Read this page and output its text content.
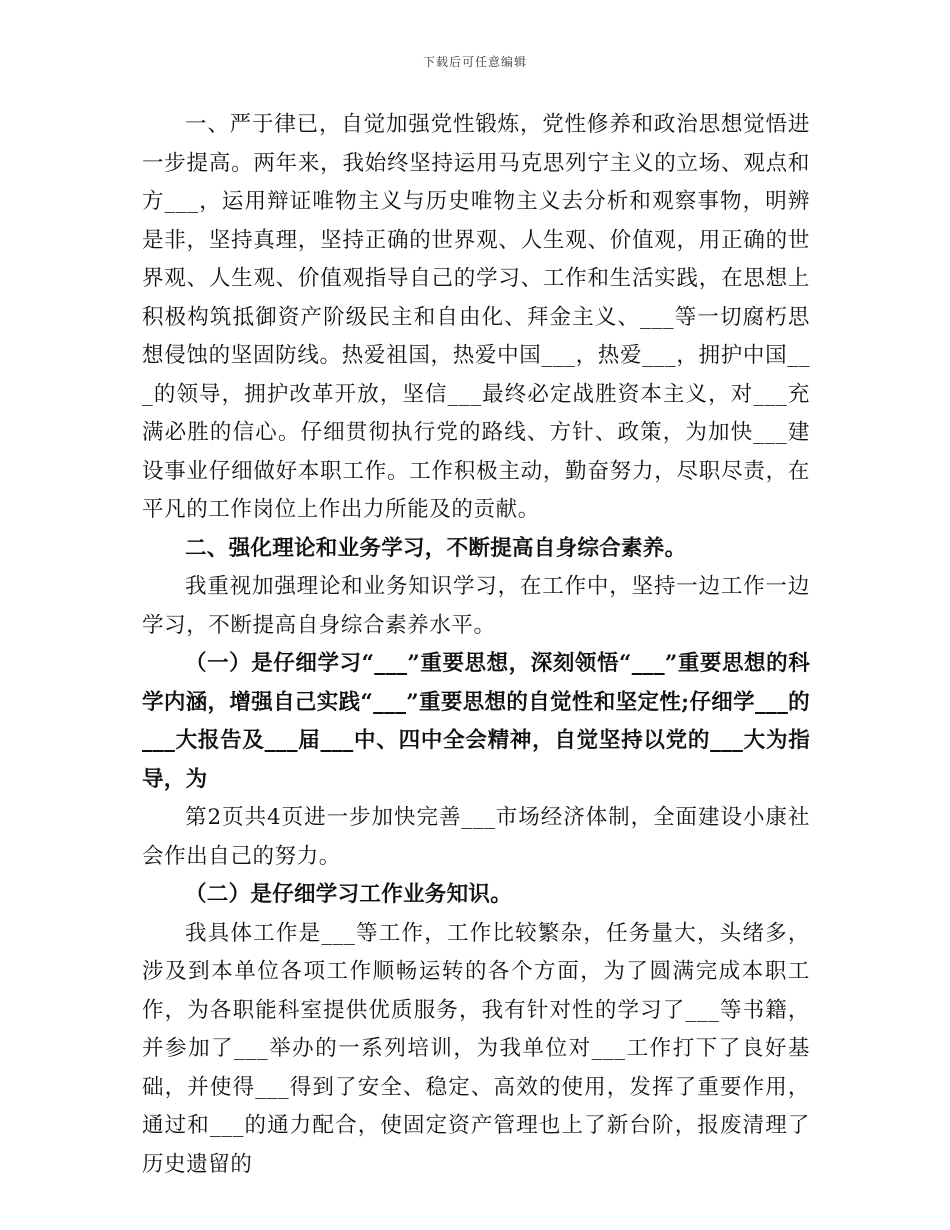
下载后可任意编辑

一、严于律已，自觉加强党性锻炼，党性修养和政治思想觉悟进一步提高。两年来，我始终坚持运用马克思列宁主义的立场、观点和方___，运用辩证唯物主义与历史唯物主义去分析和观察事物，明辨是非，坚持真理，坚持正确的世界观、人生观、价值观，用正确的世界观、人生观、价值观指导自己的学习、工作和生活实践，在思想上积极构筑抵御资产阶级民主和自由化、拜金主义、___等一切腐朽思想侵蚀的坚固防线。热爱祖国，热爱中国___，热爱___，拥护中国___的领导，拥护改革开放，坚信___最终必定战胜资本主义，对___充满必胜的信心。仔细贯彻执行党的路线、方针、政策，为加快___建设事业仔细做好本职工作。工作积极主动，勤奋努力，尽职尽责，在平凡的工作岗位上作出力所能及的贡献。

二、强化理论和业务学习，不断提高自身综合素养。

我重视加强理论和业务知识学习，在工作中，坚持一边工作一边学习，不断提高自身综合素养水平。

（一）是仔细学习“___”重要思想，深刻领悟“___”重要思想的科学内涵，增强自己实践“___”重要思想的自觉性和坚定性;仔细学___的___大报告及___届___中、四中全会精神，自觉坚持以党的___大为指导，为

第2页共4页进一步加快完善___市场经济体制，全面建设小康社会作出自己的努力。

（二）是仔细学习工作业务知识。

我具体工作是___等工作，工作比较繁杂，任务量大，头绪多，涉及到本单位各项工作顺畅运转的各个方面，为了圆满完成本职工作，为各职能科室提供优质服务，我有针对性的学习了___等书籍，并参加了___举办的一系列培训，为我单位对___工作打下了良好基础，并使得___得到了安全、稳定、高效的使用，发挥了重要作用，通过和___的通力配合，使固定资产管理也上了新台阶，报废清理了历史遗留的
